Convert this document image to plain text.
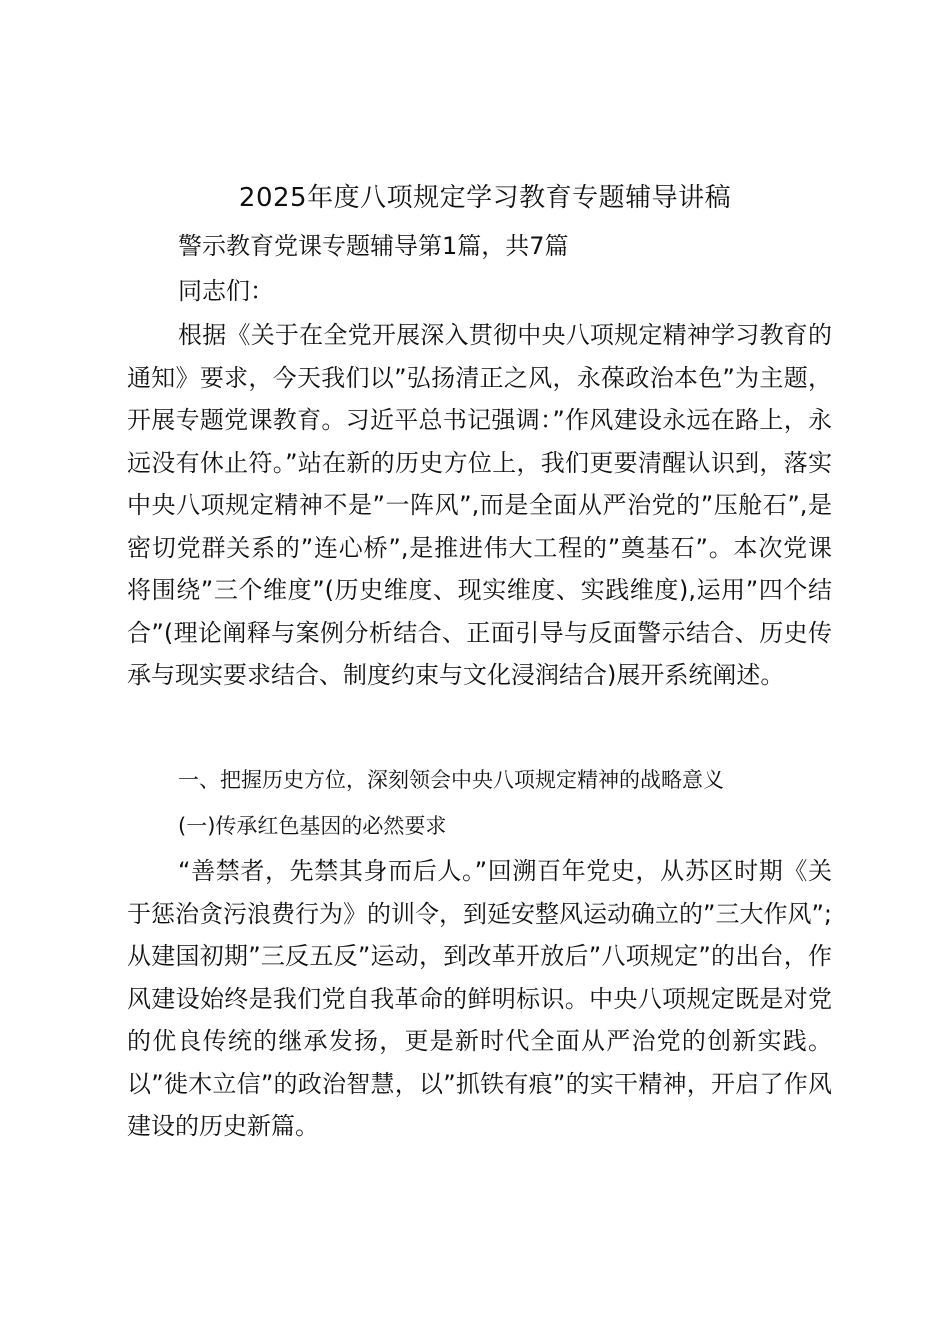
2025年度八项规定学习教育专题辅导讲稿
警示教育党课专题辅导第1篇，共7篇
同志们：

根据《关于在全党开展深入贯彻中央八项规定精神学习教育的通知》要求，今天我们以”弘扬清正之风，永葆政治本色”为主题，开展专题党课教育。习近平总书记强调：”作风建设永远在路上，永远没有休止符。”站在新的历史方位上，我们更要清醒认识到，落实中央八项规定精神不是”一阵风”,而是全面从严治党的”压舱石”,是密切党群关系的”连心桥”,是推进伟大工程的”奠基石”。本次党课将围绕”三个维度”(历史维度、现实维度、实践维度),运用”四个结合”(理论阐释与案例分析结合、正面引导与反面警示结合、历史传承与现实要求结合、制度约束与文化浸润结合)展开系统阐述。

一、把握历史方位，深刻领会中央八项规定精神的战略意义
(一)传承红色基因的必然要求

“善禁者，先禁其身而后人。”回溯百年党史，从苏区时期《关于惩治贪污浪费行为》的训令，到延安整风运动确立的”三大作风”;从建国初期”三反五反”运动，到改革开放后”八项规定”的出台，作风建设始终是我们党自我革命的鲜明标识。中央八项规定既是对党的优良传统的继承发扬，更是新时代全面从严治党的创新实践。以”徙木立信”的政治智慧，以”抓铁有痕”的实干精神，开启了作风建设的历史新篇。
